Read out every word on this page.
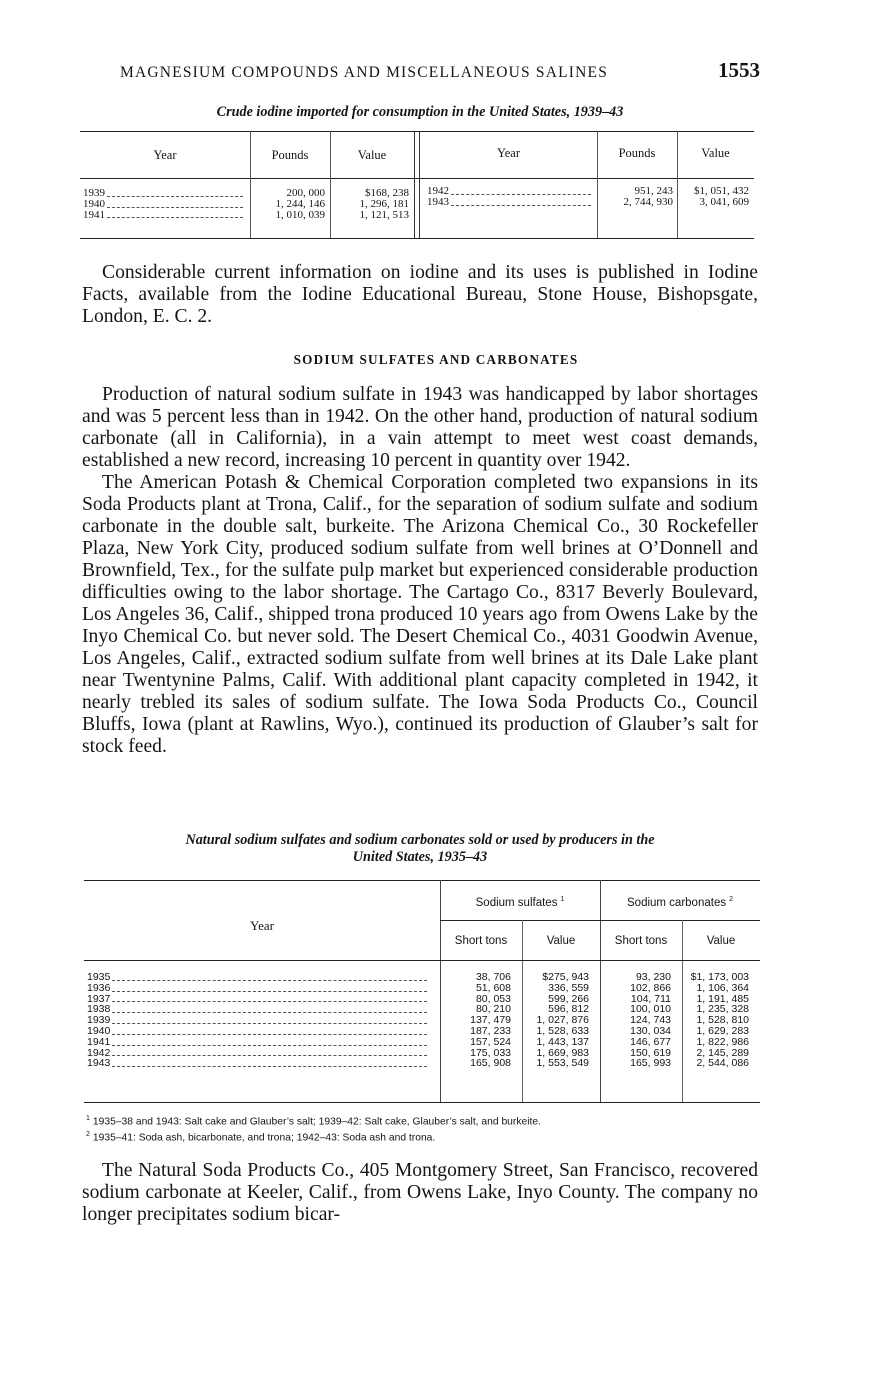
MAGNESIUM COMPOUNDS AND MISCELLANEOUS SALINES	1553
Crude iodine imported for consumption in the United States, 1939–43
Year	Pounds	Value	Year	Pounds	Value
1939	200, 000	$168, 238

1940	1, 244, 146	1, 296, 181

1941	1, 010, 039	1, 121, 513
1942	951, 243	$1, 051, 432

1943	2, 744, 930	3, 041, 609

Considerable current information on iodine and its uses is published in Iodine Facts, available from the Iodine Educational Bureau, Stone House, Bishopsgate, London, E. C. 2.

SODIUM SULFATES AND CARBONATES

Production of natural sodium sulfate in 1943 was handicapped by labor shortages and was 5 percent less than in 1942. On the other hand, production of natural sodium carbonate (all in California), in a vain attempt to meet west coast demands, established a new record, increasing 10 percent in quantity over 1942.

The American Potash & Chemical Corporation completed two expansions in its Soda Products plant at Trona, Calif., for the separation of sodium sulfate and sodium carbonate in the double salt, burkeite. The Arizona Chemical Co., 30 Rockefeller Plaza, New York City, produced sodium sulfate from well brines at O’Donnell and Brownfield, Tex., for the sulfate pulp market but experienced considerable production difficulties owing to the labor shortage. The Cartago Co., 8317 Beverly Boulevard, Los Angeles 36, Calif., shipped trona produced 10 years ago from Owens Lake by the Inyo Chemical Co. but never sold. The Desert Chemical Co., 4031 Goodwin Avenue, Los Angeles, Calif., extracted sodium sulfate from well brines at its Dale Lake plant near Twentynine Palms, Calif. With additional plant capacity completed in 1942, it nearly trebled its sales of sodium sulfate. The Iowa Soda Products Co., Council Bluffs, Iowa (plant at Rawlins, Wyo.), continued its production of Glauber’s salt for stock feed.

Natural sodium sulfates and sodium carbonates sold or used by producers in the
United States, 1935–43
Year
Sodium sulfates $^1$	Sodium carbonates $^2$
Short tons	Value	Short tons	Value
1935	38, 706	$275, 943	93, 230	$1, 173, 003

1936	51, 608	336, 559	102, 866	1, 106, 364

1937	80, 053	599, 266	104, 711	1, 191, 485

1938	80, 210	596, 812	100, 010	1, 235, 328

1939	137, 479	1, 027, 876	124, 743	1, 528, 810

1940	187, 233	1, 528, 633	130, 034	1, 629, 283

1941	157, 524	1, 443, 137	146, 677	1, 822, 986

1942	175, 033	1, 669, 983	150, 619	2, 145, 289

1943	165, 908	1, 553, 549	165, 993	2, 544, 086
$^1$ 1935–38 and 1943: Salt cake and Glauber’s salt; 1939–42: Salt cake, Glauber’s salt, and burkeite.
$^2$ 1935–41: Soda ash, bicarbonate, and trona; 1942–43: Soda ash and trona.

The Natural Soda Products Co., 405 Montgomery Street, San Francisco, recovered sodium carbonate at Keeler, Calif., from Owens Lake, Inyo County. The company no longer precipitates sodium bicar-
